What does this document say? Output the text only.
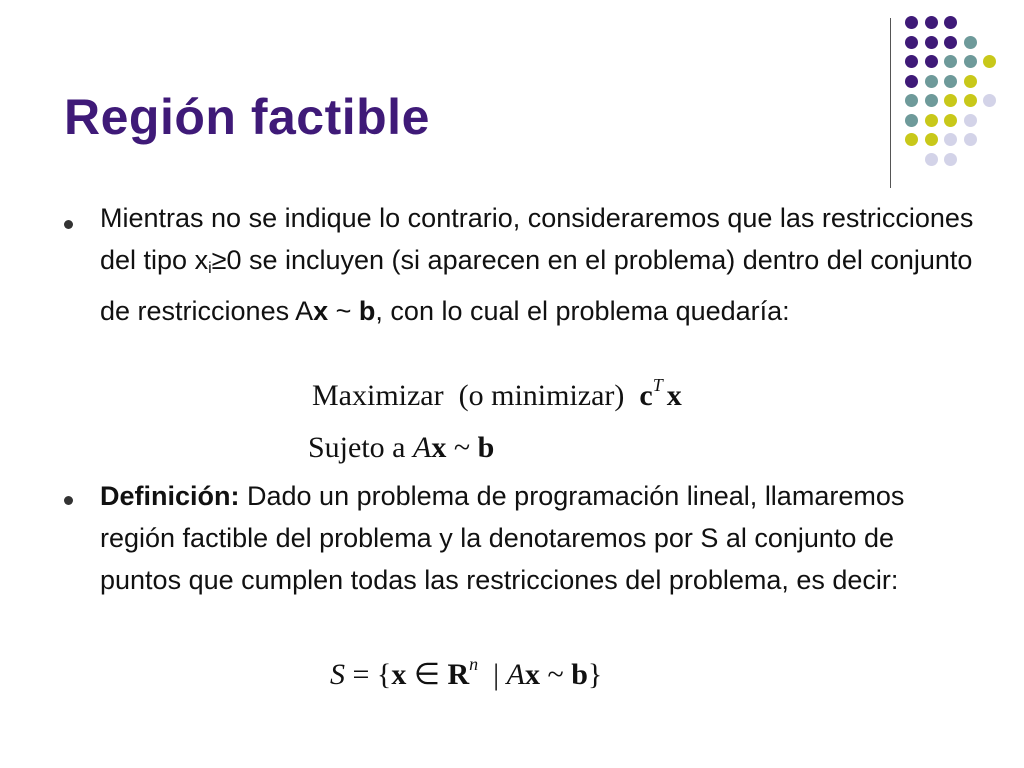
Región factible
Mientras no se indique lo contrario, consideraremos que las restricciones del tipo $x_i\ge 0$ se incluyen (si aparecen en el problema) dentro del conjunto de restricciones Ax ~ b, con lo cual el problema quedaría:
Maximizar  (o minimizar)  $c^T$ x
Sujeto a Ax ~ b
Definición: Dado un problema de programación lineal, llamaremos región factible del problema y la denotaremos por S al conjunto de puntos que cumplen todas las restricciones del problema, es decir:
S = {x ∈ $R^n$  | Ax ~ b}
